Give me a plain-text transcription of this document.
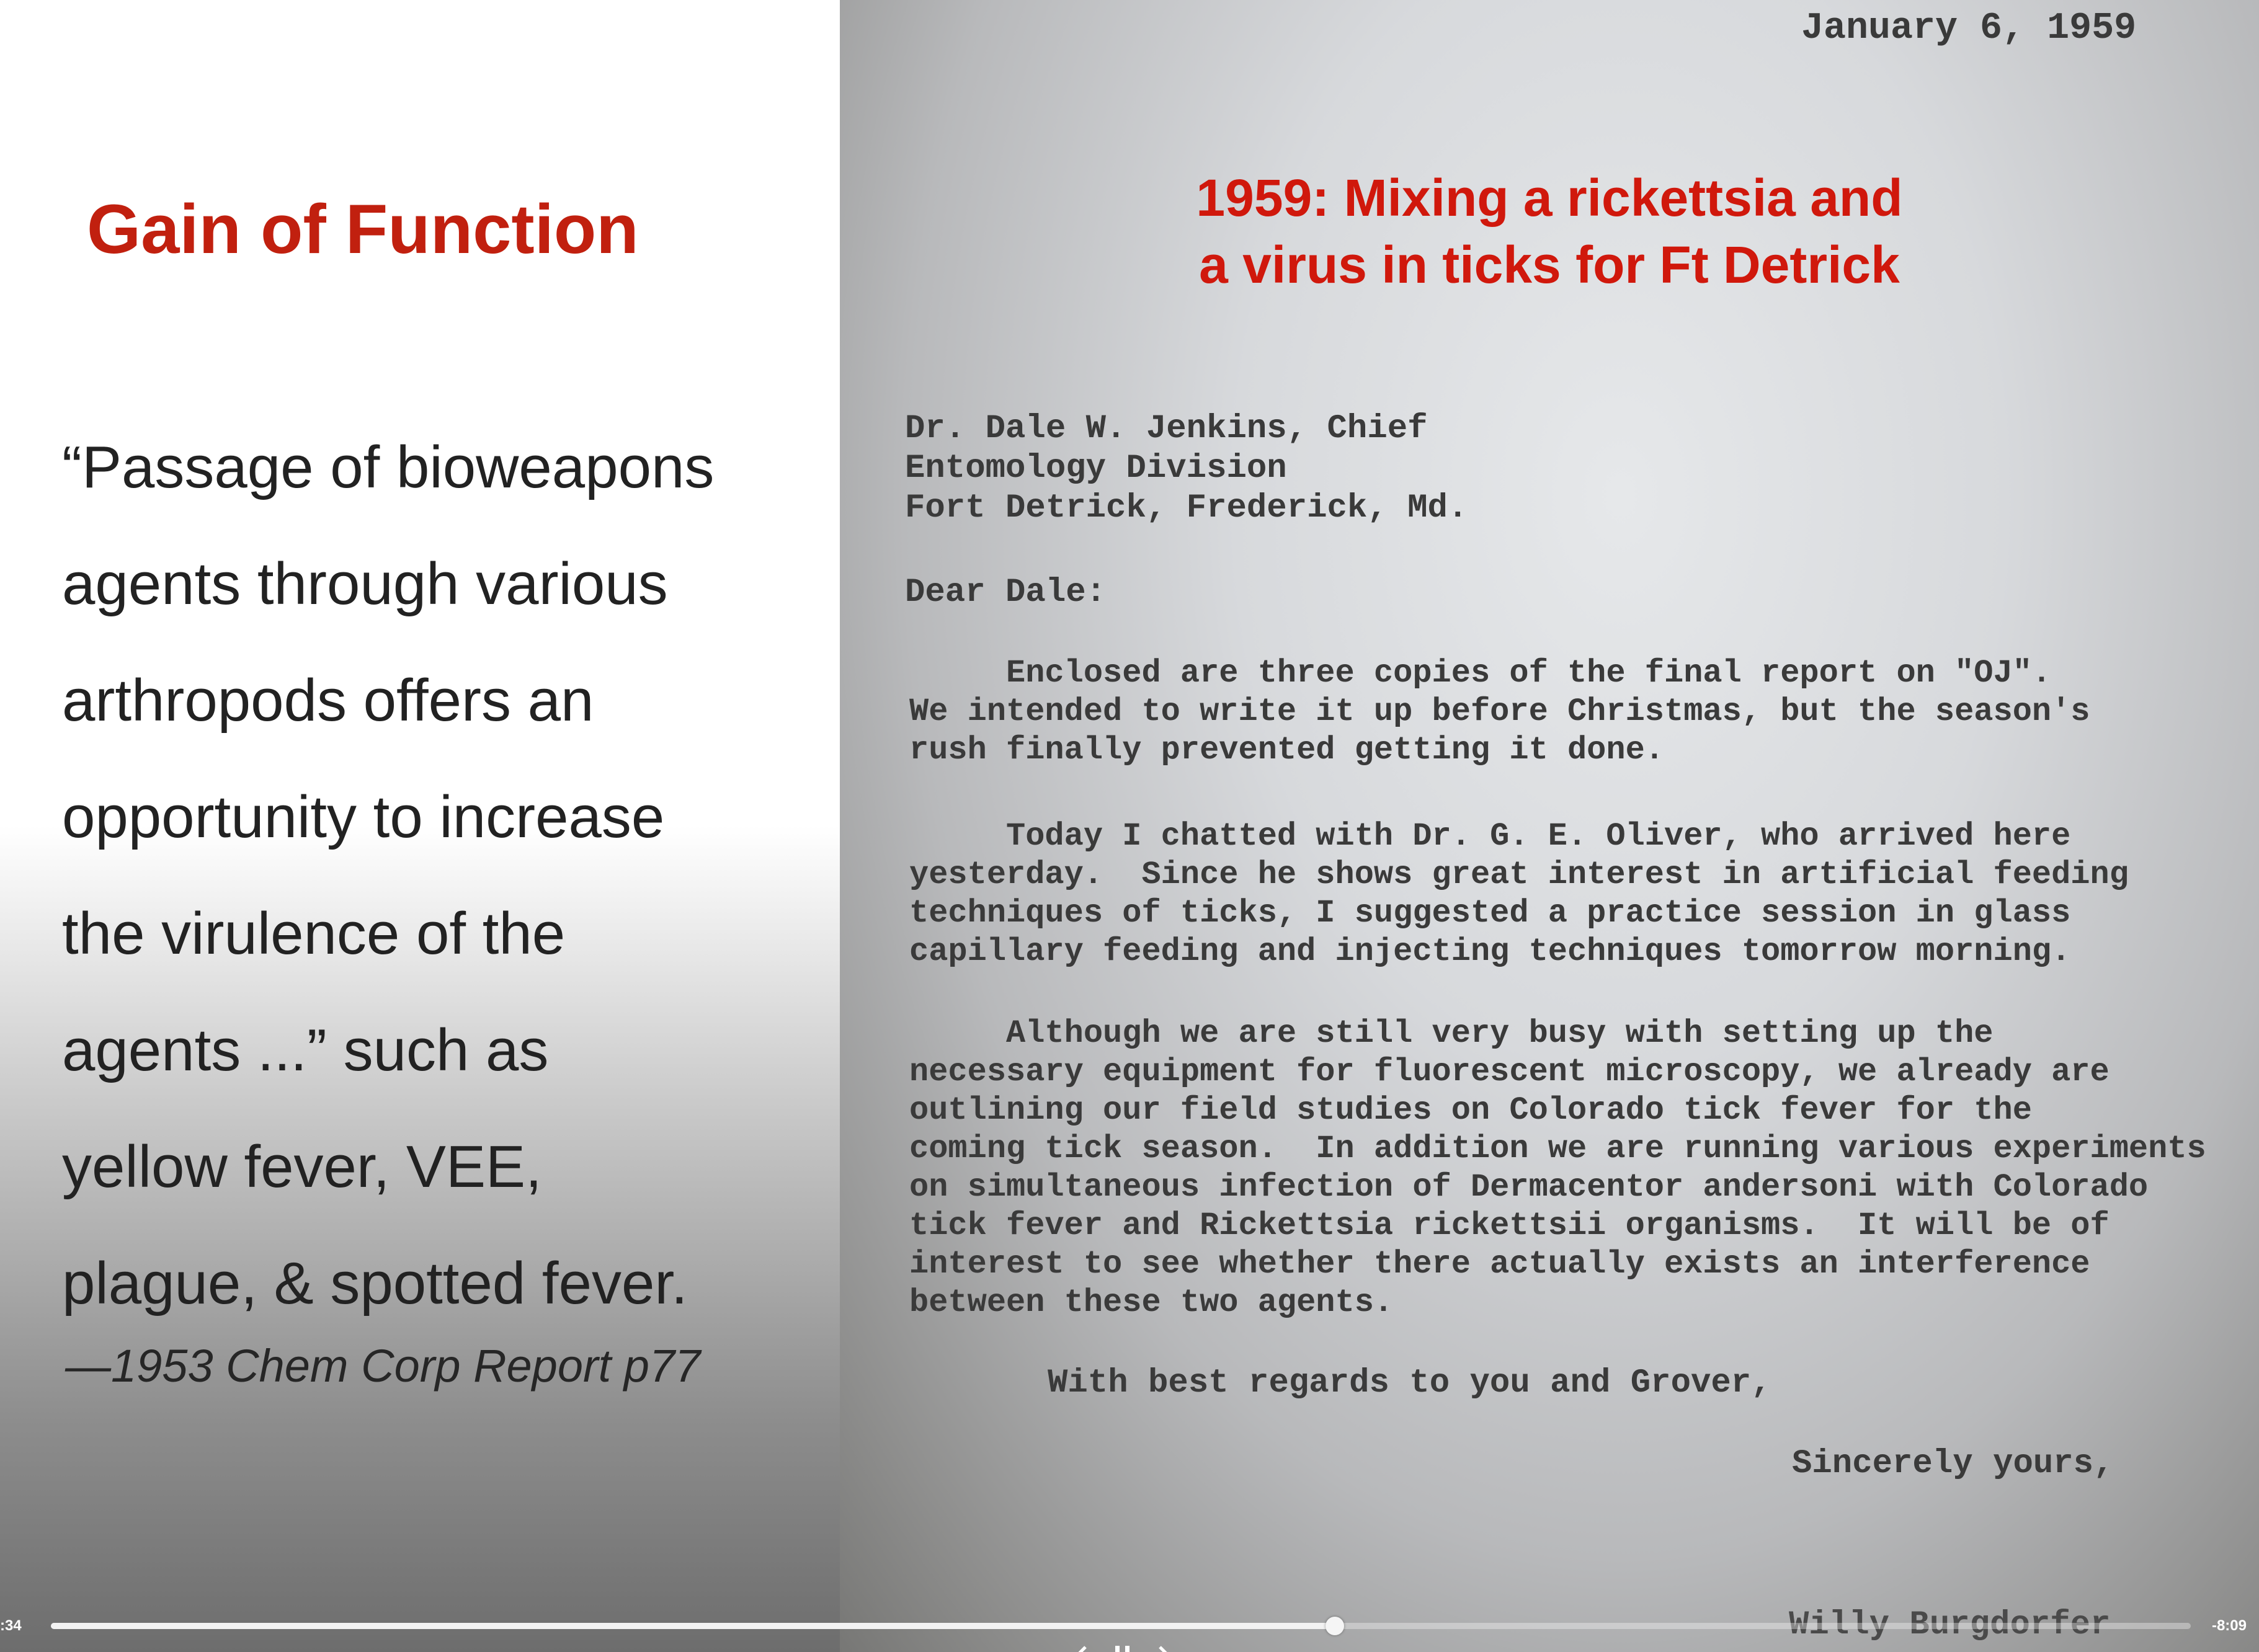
Gain of Function
“Passage of bioweapons
agents through various
arthropods offers an
opportunity to increase
the virulence of the
agents ...” such as
yellow fever, VEE,
plague, & spotted fever.
—1953 Chem Corp Report p77
January 6, 1959
1959: Mixing a rickettsia and
a virus in ticks for Ft Detrick
Dr. Dale W. Jenkins, Chief
Entomology Division
Fort Detrick, Frederick, Md.
Dear Dale:
Enclosed are three copies of the final report on "OJ".
We intended to write it up before Christmas, but the season's
rush finally prevented getting it done.
Today I chatted with Dr. G. E. Oliver, who arrived here
yesterday.  Since he shows great interest in artificial feeding
techniques of ticks, I suggested a practice session in glass
capillary feeding and injecting techniques tomorrow morning.
Although we are still very busy with setting up the
necessary equipment for fluorescent microscopy, we already are
outlining our field studies on Colorado tick fever for the
coming tick season.  In addition we are running various experiments
on simultaneous infection of Dermacentor andersoni with Colorado
tick fever and Rickettsia rickettsii organisms.  It will be of
interest to see whether there actually exists an interference
between these two agents.
With best regards to you and Grover,
Sincerely yours,
Willy Burgdorfer
:34	-8:09
